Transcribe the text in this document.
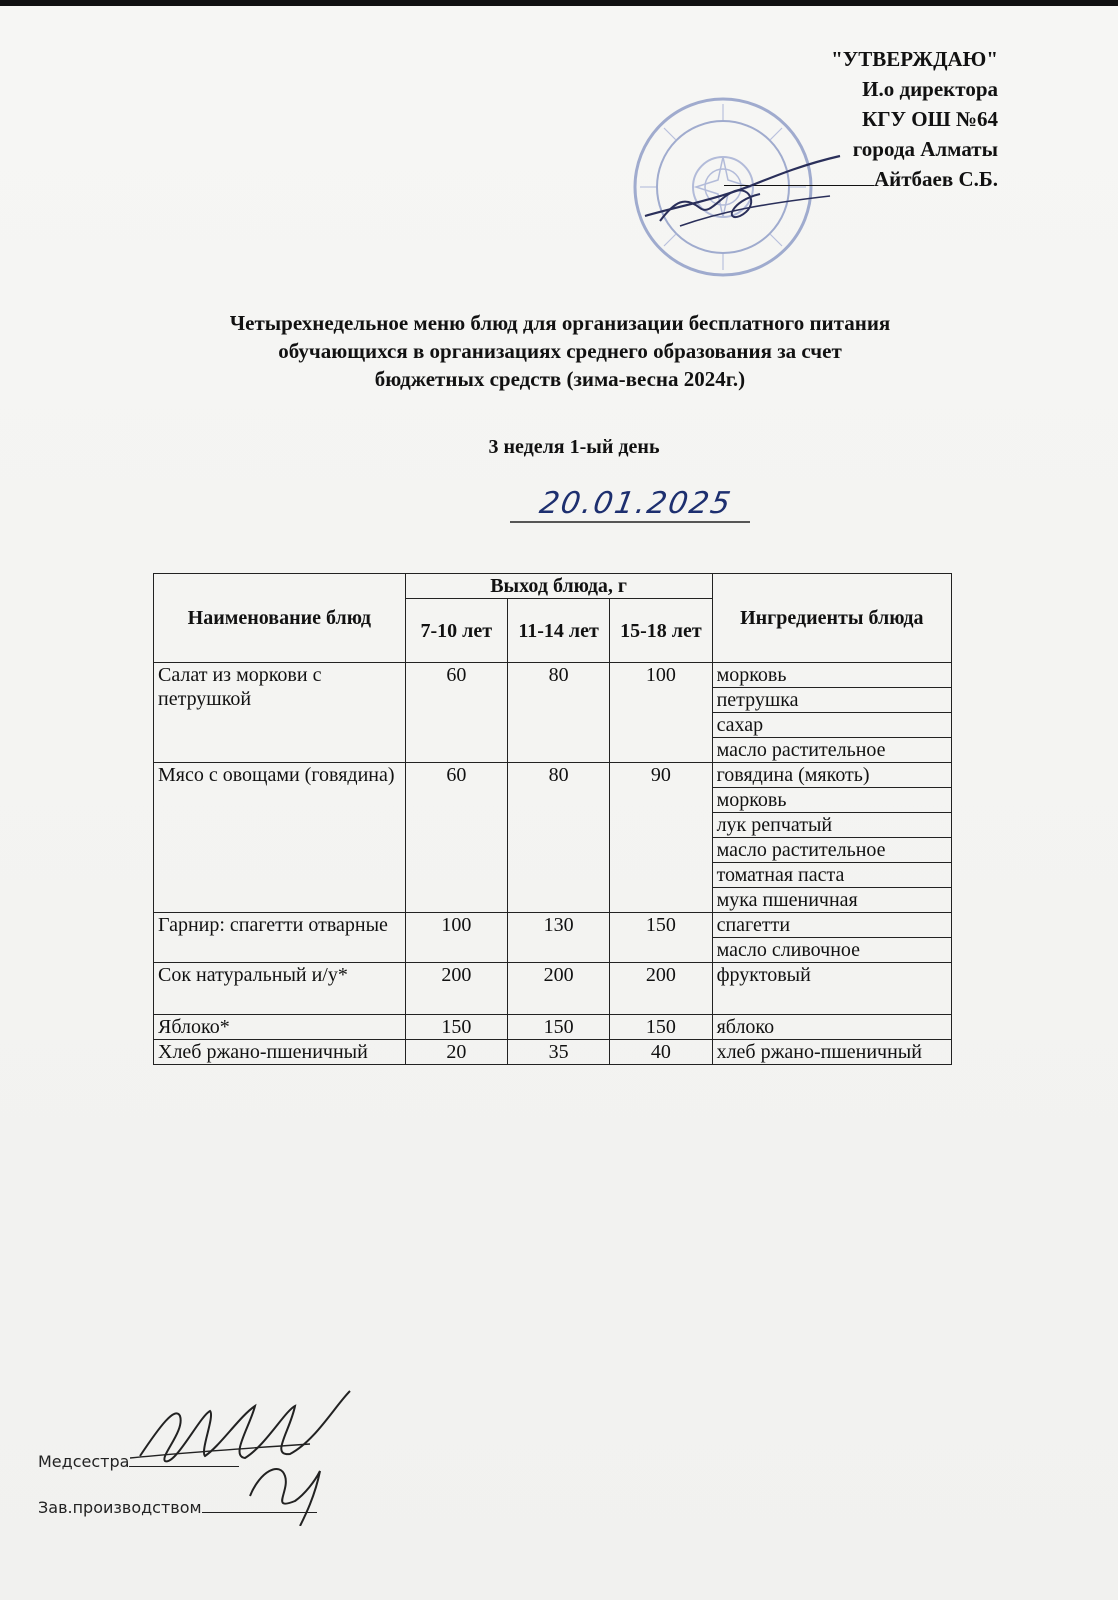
"УТВЕРЖДАЮ"
И.о директора
КГУ ОШ №64
города Алматы
Айтбаев С.Б.
Четырехнедельное меню блюд для организации бесплатного питания
обучающихся в организациях среднего образования за счет
бюджетных средств (зима-весна 2024г.)
3 неделя 1-ый день
20.01.2025
Наименование блюд	Выход блюда, г			Ингредиенты блюда
	7-10 лет	11-14 лет	15-18 лет	
Салат из моркови с петрушкой	60	80	100	морковь
				петрушка
				сахар
				масло растительное
Мясо с овощами (говядина)	60	80	90	говядина (мякоть)
				морковь
				лук репчатый
				масло растительное
				томатная паста
				мука пшеничная
Гарнир: спагетти отварные	100	130	150	спагетти
				масло сливочное
Сок натуральный и/у*	200	200	200	фруктовый
Яблоко*	150	150	150	яблоко
Хлеб ржано-пшеничный	20	35	40	хлеб ржано-пшеничный
Медсестра
Зав.производством
